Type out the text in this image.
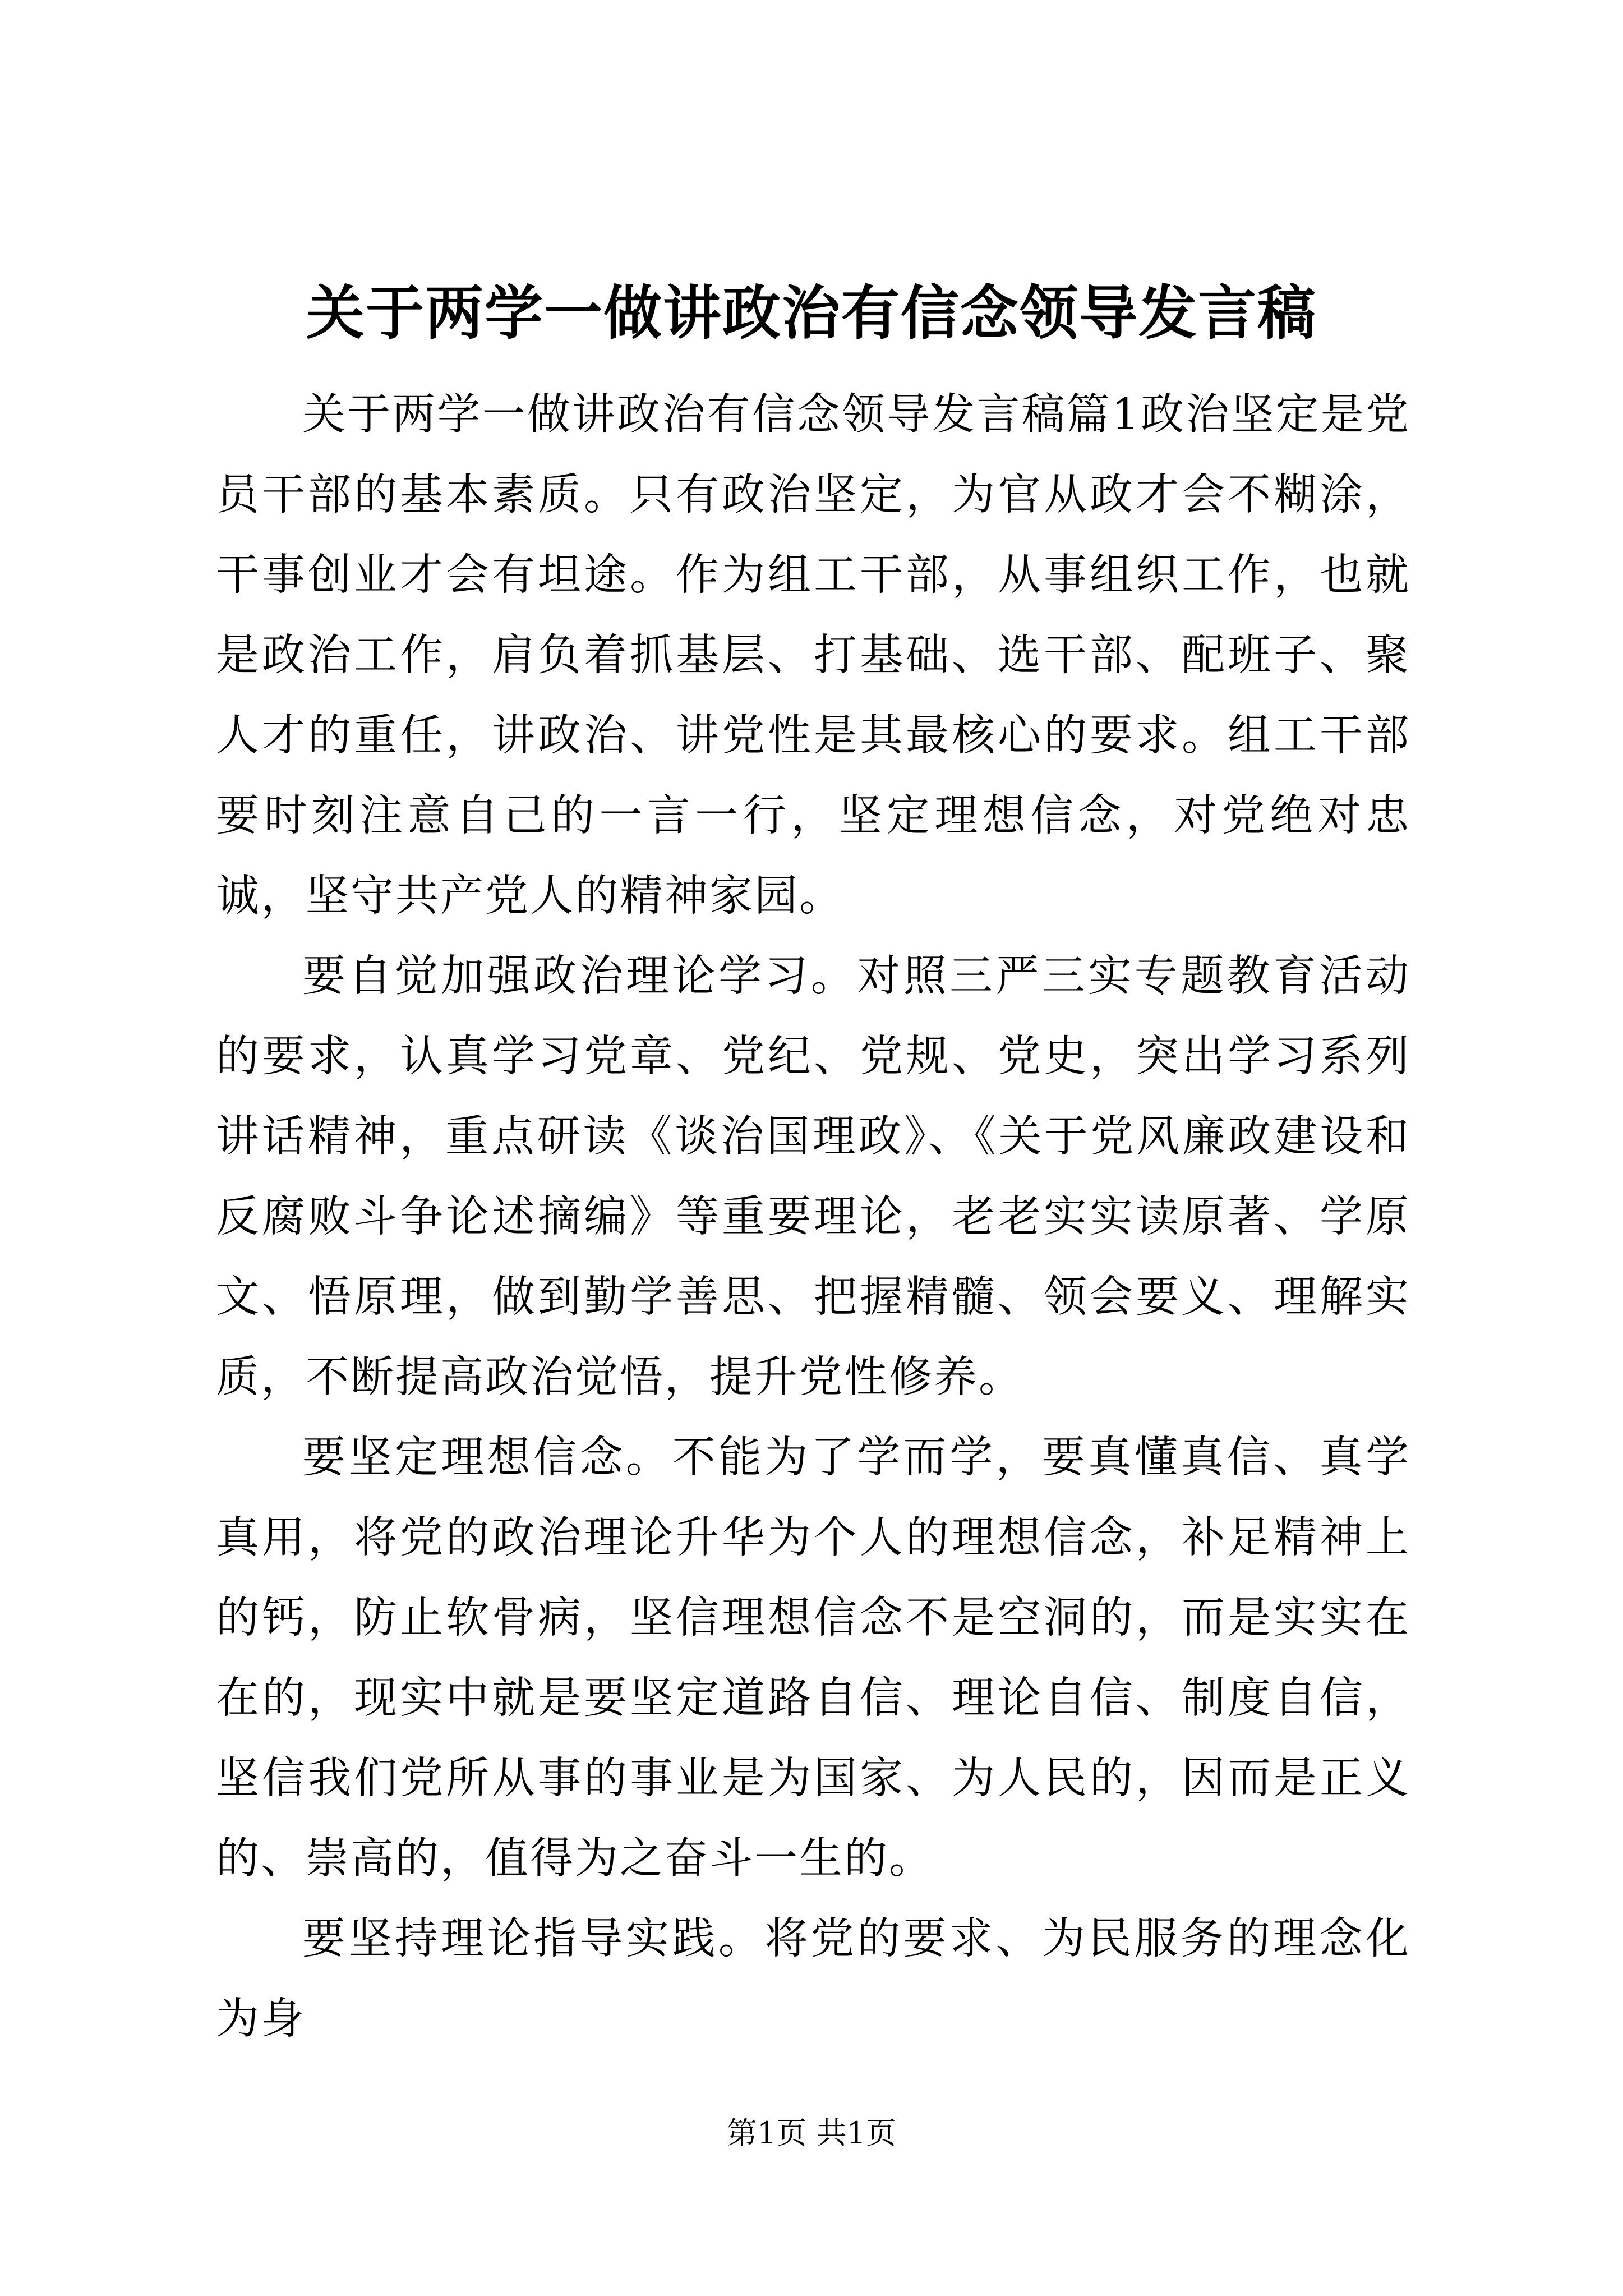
关于两学一做讲政治有信念领导发言稿

关于两学一做讲政治有信念领导发言稿篇1政治坚定是党员干部的基本素质。只有政治坚定，为官从政才会不糊涂，干事创业才会有坦途。作为组工干部，从事组织工作，也就是政治工作，肩负着抓基层、打基础、选干部、配班子、聚人才的重任，讲政治、讲党性是其最核心的要求。组工干部要时刻注意自己的一言一行，坚定理想信念，对党绝对忠诚，坚守共产党人的精神家园。

要自觉加强政治理论学习。对照三严三实专题教育活动的要求，认真学习党章、党纪、党规、党史，突出学习系列讲话精神，重点研读《谈治国理政》、《关于党风廉政建设和反腐败斗争论述摘编》等重要理论，老老实实读原著、学原文、悟原理，做到勤学善思、把握精髓、领会要义、理解实质，不断提高政治觉悟，提升党性修养。

要坚定理想信念。不能为了学而学，要真懂真信、真学真用，将党的政治理论升华为个人的理想信念，补足精神上的钙，防止软骨病，坚信理想信念不是空洞的，而是实实在在的，现实中就是要坚定道路自信、理论自信、制度自信，坚信我们党所从事的事业是为国家、为人民的，因而是正义的、崇高的，值得为之奋斗一生的。

要坚持理论指导实践。将党的要求、为民服务的理念化为身

第1页 共1页
